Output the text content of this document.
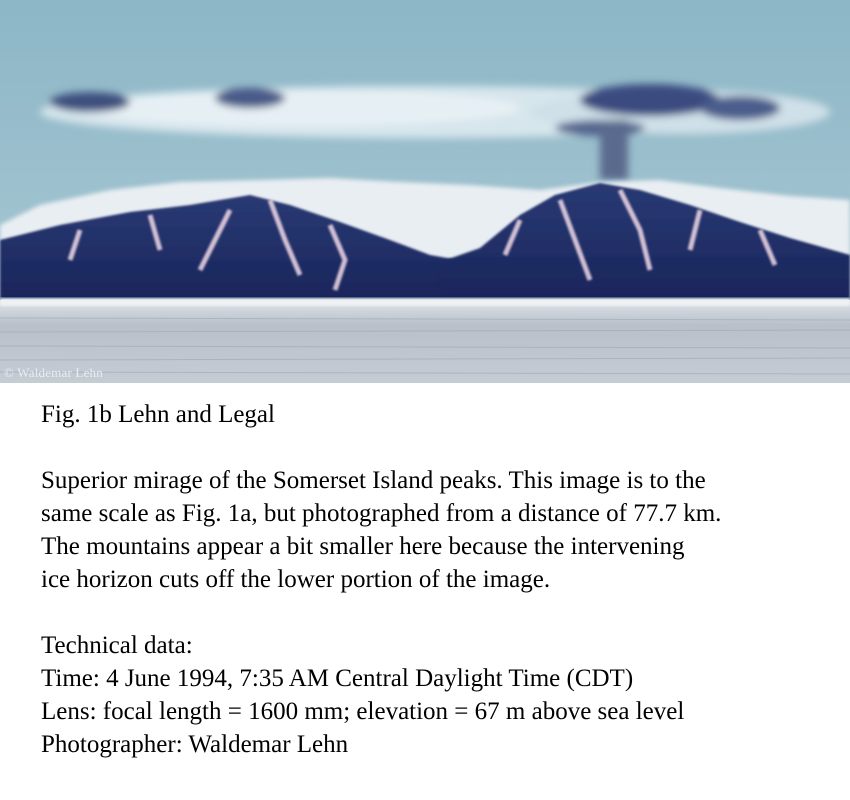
© Waldemar Lehn

Fig. 1b Lehn and Legal

Superior mirage of the Somerset Island peaks. This image is to the

same scale as Fig. 1a, but photographed from a distance of 77.7 km.

The mountains appear a bit smaller here because the intervening

ice horizon cuts off the lower portion of the image.

Technical data:

Time: 4 June 1994, 7:35 AM Central Daylight Time (CDT)

Lens: focal length = 1600 mm; elevation = 67 m above sea level

Photographer: Waldemar Lehn
